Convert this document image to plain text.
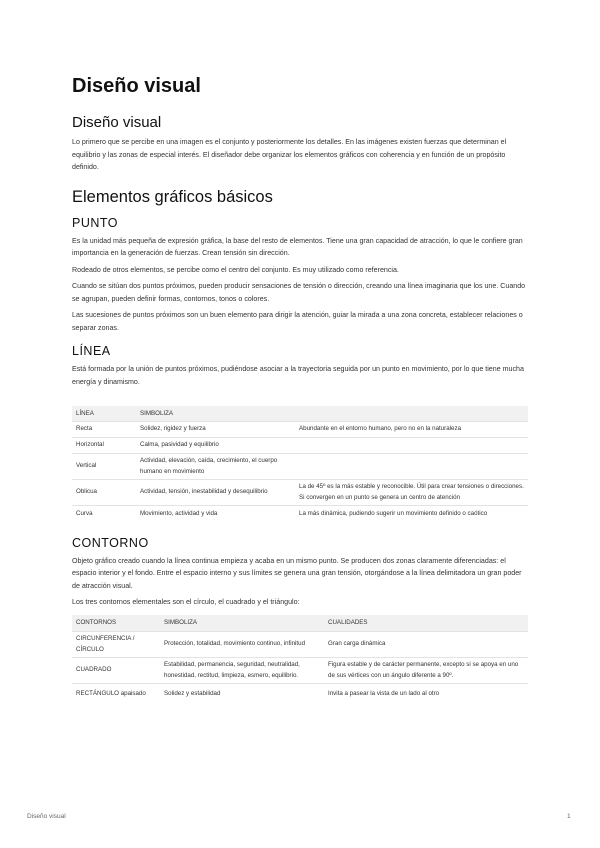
Diseño visual
Diseño visual

Lo primero que se percibe en una imagen es el conjunto y posteriormente los detalles. En las imágenes existen fuerzas que determinan el equilibrio y las zonas de especial interés. El diseñador debe organizar los elementos gráficos con coherencia y en función de un propósito definido.

Elementos gráficos básicos
PUNTO

Es la unidad más pequeña de expresión gráfica, la base del resto de elementos. Tiene una gran capacidad de atracción, lo que le confiere gran importancia en la generación de fuerzas. Crean tensión sin dirección.

Rodeado de otros elementos, se percibe como el centro del conjunto. Es muy utilizado como referencia.

Cuando se sitúan dos puntos próximos, pueden producir sensaciones de tensión o dirección, creando una línea imaginaria que los une. Cuando se agrupan, pueden definir formas, contornos, tonos o colores.

Las sucesiones de puntos próximos son un buen elemento para dirigir la atención, guiar la mirada a una zona concreta, establecer relaciones o separar zonas.

LÍNEA

Está formada por la unión de puntos próximos, pudiéndose asociar a la trayectoria seguida por un punto en movimiento, por lo que tiene mucha energía y dinamismo.

LÍNEA	SIMBOLIZA	
Recta	Solidez, rigidez y fuerza	Abundante en el entorno humano, pero no en la naturaleza
Horizontal	Calma, pasividad y equilibrio	
Vertical	Actividad, elevación, caída, crecimiento, el cuerpo humano en movimiento	
Oblicua	Actividad, tensión, inestabilidad y desequilibrio	La de 45º es la más estable y reconocible. Útil para crear tensiones o direcciones. Si convergen en un punto se genera un centro de atención
Curva	Movimiento, actividad y vida	La más dinámica, pudiendo sugerir un movimiento definido o caótico
CONTORNO

Objeto gráfico creado cuando la línea continua empieza y acaba en un mismo punto. Se producen dos zonas claramente diferenciadas: el espacio interior y el fondo. Entre el espacio interno y sus límites se genera una gran tensión, otorgándose a la línea delimitadora un gran poder de atracción visual.

Los tres contornos elementales son el círculo, el cuadrado y el triángulo:

CONTORNOS	SIMBOLIZA	CUALIDADES
CIRCUNFERENCIA / CÍRCULO	Protección, totalidad, movimiento continuo, infinitud	Gran carga dinámica
CUADRADO	Estabilidad, permanencia, seguridad, neutralidad, honestidad, rectitud, limpieza, esmero, equilibrio.	Figura estable y de carácter permanente, excepto si se apoya en uno de sus vértices con un ángulo diferente a 90º.
RECTÁNGULO apaisado	Solidez y estabilidad	Invita a pasear la vista de un lado al otro
Diseño visual	1
